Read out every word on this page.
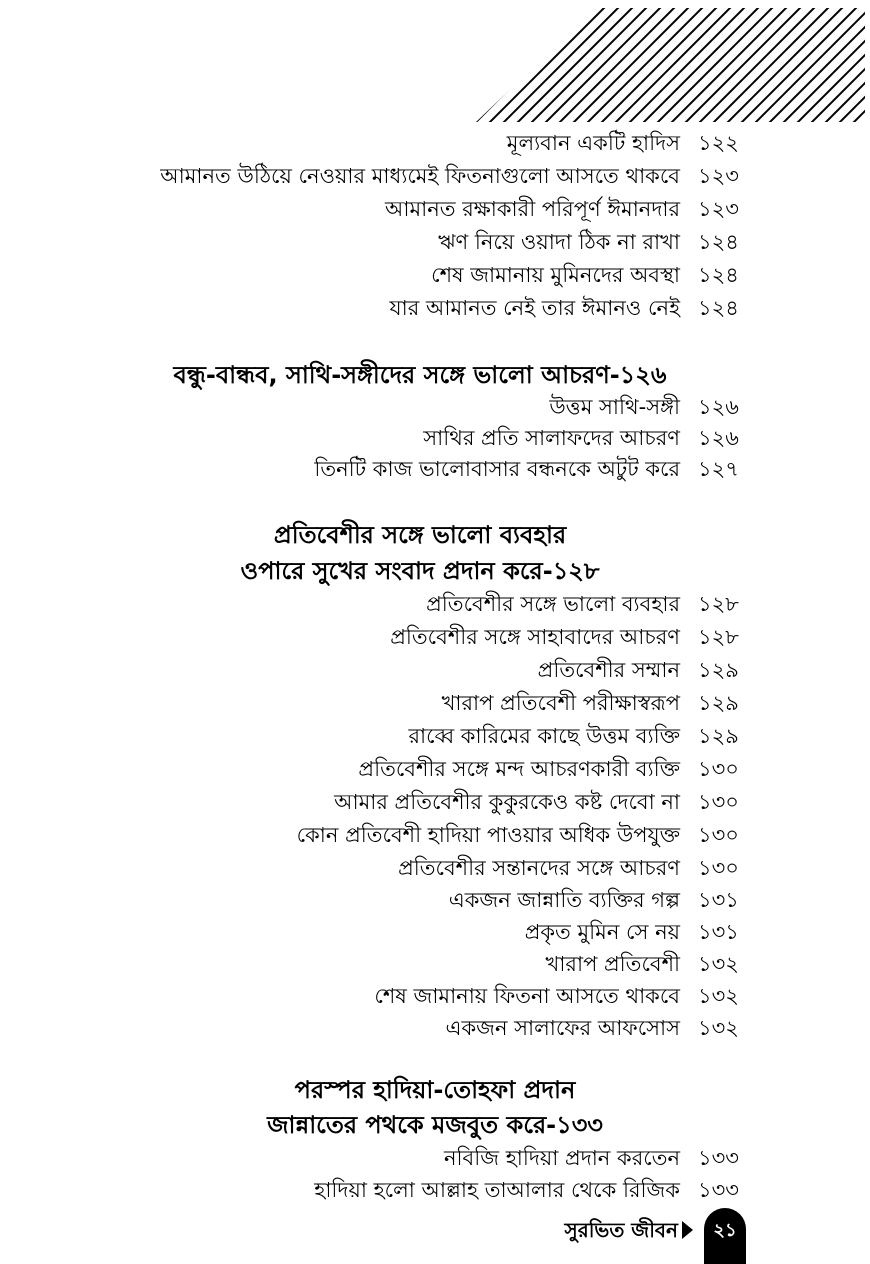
মূল্যবান একটি হাদিস ১২২
আমানত উঠিয়ে নেওয়ার মাধ্যমেই ফিতনাগুলো আসতে থাকবে ১২৩
আমানত রক্ষাকারী পরিপূর্ণ ঈমানদার ১২৩
ঋণ নিয়ে ওয়াদা ঠিক না রাখা ১২৪
শেষ জামানায় মুমিনদের অবস্থা ১২৪
যার আমানত নেই তার ঈমানও নেই ১২৪
বন্ধু-বান্ধব, সাথি-সঙ্গীদের সঙ্গে ভালো আচরণ-১২৬
উত্তম সাথি-সঙ্গী ১২৬
সাথির প্রতি সালাফদের আচরণ ১২৬
তিনটি কাজ ভালোবাসার বন্ধনকে অটুট করে ১২৭
প্রতিবেশীর সঙ্গে ভালো ব্যবহার
ওপারে সুখের সংবাদ প্রদান করে-১২৮
প্রতিবেশীর সঙ্গে ভালো ব্যবহার ১২৮
প্রতিবেশীর সঙ্গে সাহাবাদের আচরণ ১২৮
প্রতিবেশীর সম্মান ১২৯
খারাপ প্রতিবেশী পরীক্ষাস্বরূপ ১২৯
রাব্বে কারিমের কাছে উত্তম ব্যক্তি ১২৯
প্রতিবেশীর সঙ্গে মন্দ আচরণকারী ব্যক্তি ১৩০
আমার প্রতিবেশীর কুকুরকেও কষ্ট দেবো না ১৩০
কোন প্রতিবেশী হাদিয়া পাওয়ার অধিক উপযুক্ত ১৩০
প্রতিবেশীর সন্তানদের সঙ্গে আচরণ ১৩০
একজন জান্নাতি ব্যক্তির গল্প ১৩১
প্রকৃত মুমিন সে নয় ১৩১
খারাপ প্রতিবেশী ১৩২
শেষ জামানায় ফিতনা আসতে থাকবে ১৩২
একজন সালাফের আফসোস ১৩২
পরস্পর হাদিয়া-তোহফা প্রদান
জান্নাতের পথকে মজবুত করে-১৩৩
নবিজি হাদিয়া প্রদান করতেন ১৩৩
হাদিয়া হলো আল্লাহ তাআলার থেকে রিজিক ১৩৩
সুরভিত জীবন	২১
